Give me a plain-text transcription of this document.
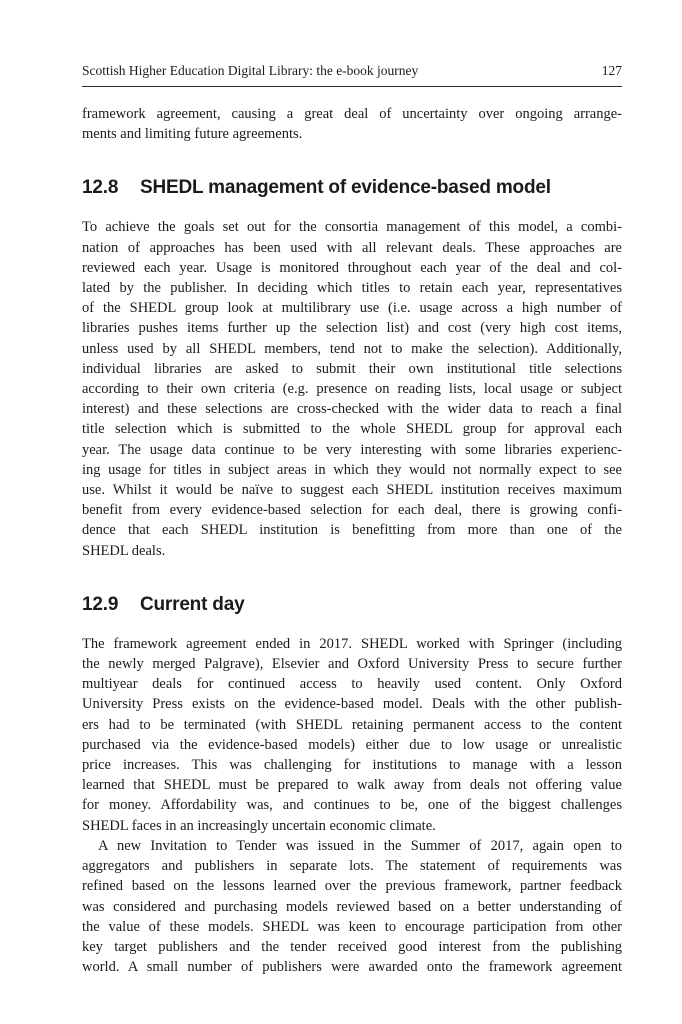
Scottish Higher Education Digital Library: the e-book journey	127
framework agreement, causing a great deal of uncertainty over ongoing arrange-
ments and limiting future agreements.
12.8	SHEDL management of evidence-based model
To achieve the goals set out for the consortia management of this model, a combi-
nation of approaches has been used with all relevant deals. These approaches are
reviewed each year. Usage is monitored throughout each year of the deal and col-
lated by the publisher. In deciding which titles to retain each year, representatives
of the SHEDL group look at multilibrary use (i.e. usage across a high number of
libraries pushes items further up the selection list) and cost (very high cost items,
unless used by all SHEDL members, tend not to make the selection). Additionally,
individual libraries are asked to submit their own institutional title selections
according to their own criteria (e.g. presence on reading lists, local usage or subject
interest) and these selections are cross-checked with the wider data to reach a final
title selection which is submitted to the whole SHEDL group for approval each
year. The usage data continue to be very interesting with some libraries experienc-
ing usage for titles in subject areas in which they would not normally expect to see
use. Whilst it would be naïve to suggest each SHEDL institution receives maximum
benefit from every evidence-based selection for each deal, there is growing confi-
dence that each SHEDL institution is benefitting from more than one of the
SHEDL deals.
12.9	Current day
The framework agreement ended in 2017. SHEDL worked with Springer (including
the newly merged Palgrave), Elsevier and Oxford University Press to secure further
multiyear deals for continued access to heavily used content. Only Oxford
University Press exists on the evidence-based model. Deals with the other publish-
ers had to be terminated (with SHEDL retaining permanent access to the content
purchased via the evidence-based models) either due to low usage or unrealistic
price increases. This was challenging for institutions to manage with a lesson
learned that SHEDL must be prepared to walk away from deals not offering value
for money. Affordability was, and continues to be, one of the biggest challenges
SHEDL faces in an increasingly uncertain economic climate.
A new Invitation to Tender was issued in the Summer of 2017, again open to
aggregators and publishers in separate lots. The statement of requirements was
refined based on the lessons learned over the previous framework, partner feedback
was considered and purchasing models reviewed based on a better understanding of
the value of these models. SHEDL was keen to encourage participation from other
key target publishers and the tender received good interest from the publishing
world. A small number of publishers were awarded onto the framework agreement
